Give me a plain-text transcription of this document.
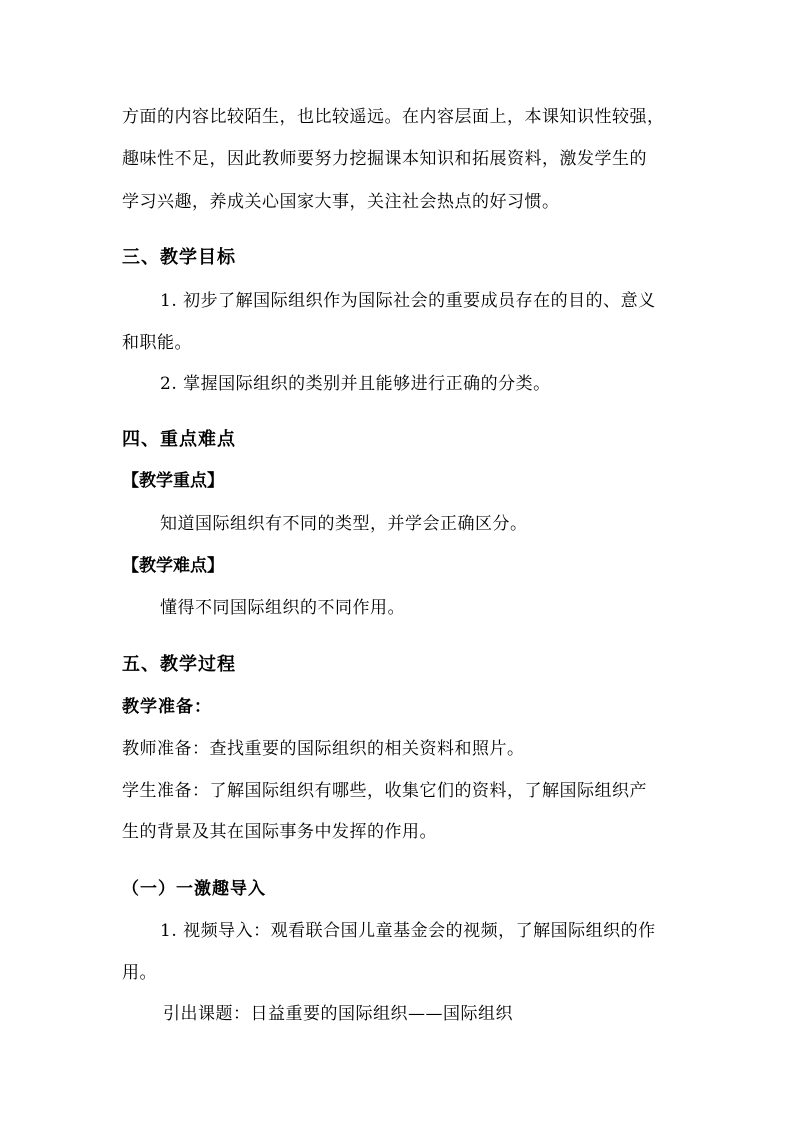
方面的内容比较陌生，也比较遥远。在内容层面上，本课知识性较强，
趣味性不足，因此教师要努力挖掘课本知识和拓展资料，激发学生的
学习兴趣，养成关心国家大事，关注社会热点的好习惯。
三、教学目标
1. 初步了解国际组织作为国际社会的重要成员存在的目的、意义
和职能。
2. 掌握国际组织的类别并且能够进行正确的分类。
四、重点难点
【教学重点】
知道国际组织有不同的类型，并学会正确区分。
【教学难点】
懂得不同国际组织的不同作用。
五、教学过程
教学准备：
教师准备：查找重要的国际组织的相关资料和照片。
学生准备：了解国际组织有哪些，收集它们的资料，了解国际组织产
生的背景及其在国际事务中发挥的作用。
（一）一激趣导入
1. 视频导入：观看联合国儿童基金会的视频，了解国际组织的作
用。
引出课题：日益重要的国际组织——国际组织
